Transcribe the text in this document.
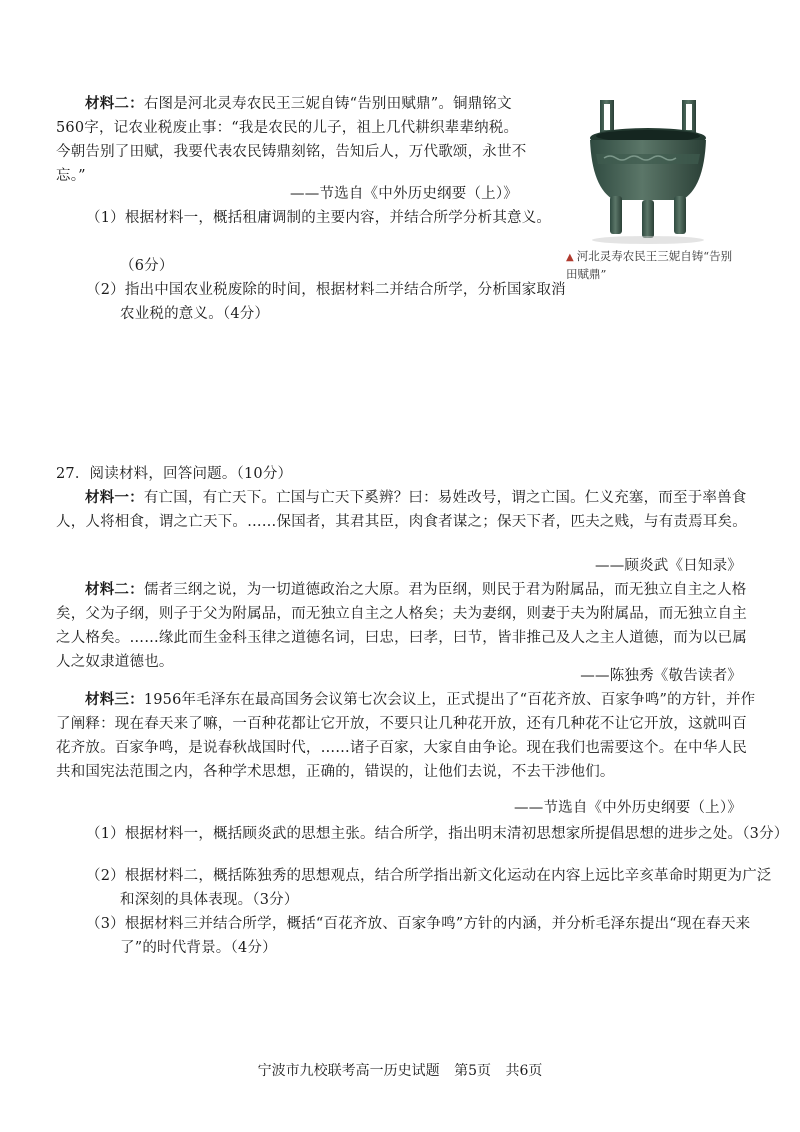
材料二：右图是河北灵寿农民王三妮自铸“告别田赋鼎”。铜鼎铭文560字，记农业税废止事：“我是农民的儿子，祖上几代耕织辈辈纳税。今朝告别了田赋，我要代表农民铸鼎刻铭，告知后人，万代歌颂，永世不忘。”
——节选自《中外历史纲要（上）》
（1）根据材料一，概括租庸调制的主要内容，并结合所学分析其意义。
（6分）
（2）指出中国农业税废除的时间，根据材料二并结合所学，分析国家取消农业税的意义。（4分）
▲ 河北灵寿农民王三妮自铸“告别田赋鼎”
27．阅读材料，回答问题。（10分）
材料一：有亡国，有亡天下。亡国与亡天下奚辨？曰：易姓改号，谓之亡国。仁义充塞，而至于率兽食人，人将相食，谓之亡天下。……保国者，其君其臣，肉食者谋之；保天下者，匹夫之贱，与有责焉耳矣。
——顾炎武《日知录》
材料二：儒者三纲之说，为一切道德政治之大原。君为臣纲，则民于君为附属品，而无独立自主之人格矣，父为子纲，则子于父为附属品，而无独立自主之人格矣；夫为妻纲，则妻于夫为附属品，而无独立自主之人格矣。……缘此而生金科玉律之道德名词，曰忠，曰孝，曰节，皆非推己及人之主人道德，而为以已属人之奴隶道德也。
——陈独秀《敬告读者》
材料三：1956年毛泽东在最高国务会议第七次会议上，正式提出了“百花齐放、百家争鸣”的方针，并作了阐释：现在春天来了嘛，一百种花都让它开放，不要只让几种花开放，还有几种花不让它开放，这就叫百花齐放。百家争鸣，是说春秋战国时代，……诸子百家，大家自由争论。现在我们也需要这个。在中华人民共和国宪法范围之内，各种学术思想，正确的，错误的，让他们去说，不去干涉他们。
——节选自《中外历史纲要（上）》
（1）根据材料一，概括顾炎武的思想主张。结合所学，指出明末清初思想家所提倡思想的进步之处。（3分）
（2）根据材料二，概括陈独秀的思想观点，结合所学指出新文化运动在内容上远比辛亥革命时期更为广泛和深刻的具体表现。（3分）
（3）根据材料三并结合所学，概括“百花齐放、百家争鸣”方针的内涵，并分析毛泽东提出“现在春天来了”的时代背景。（4分）
宁波市九校联考高一历史试题 第5页 共6页
